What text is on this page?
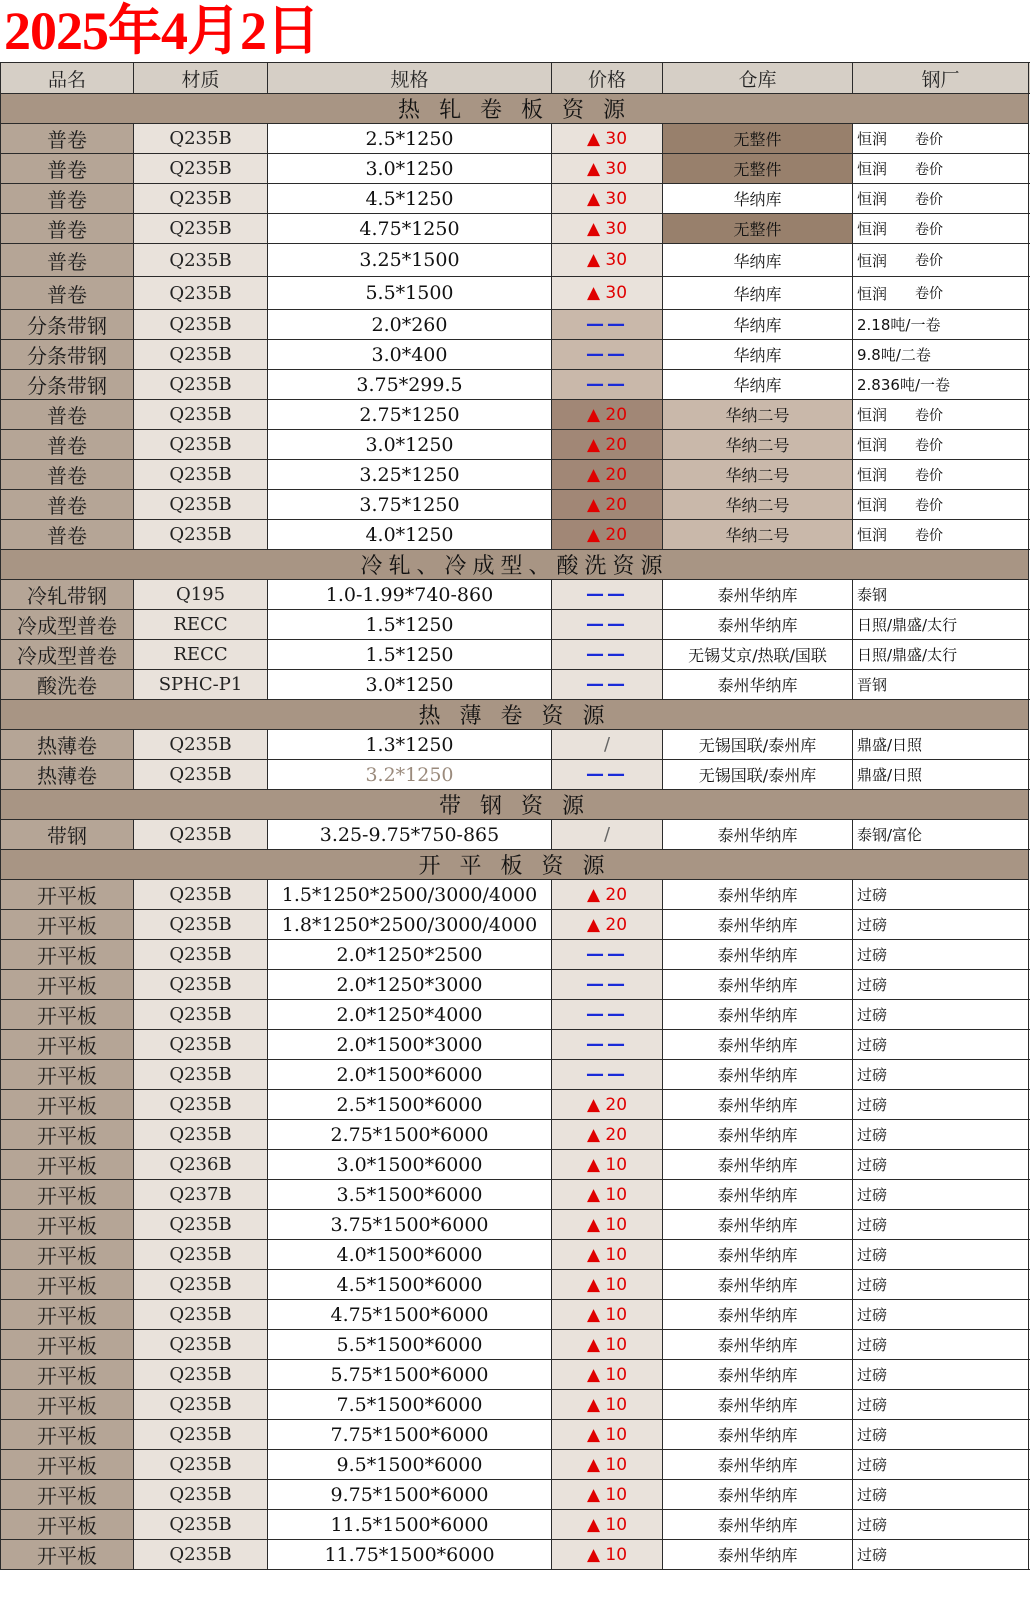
2025年4月2日
品名	材质	规格	价格	仓库	钢厂
热 轧 卷 板 资 源
普卷	Q235B	2.5*1250	▲ 30	无整件	恒润 卷价
普卷	Q235B	3.0*1250	▲ 30	无整件	恒润 卷价
普卷	Q235B	4.5*1250	▲ 30	华纳库	恒润 卷价
普卷	Q235B	4.75*1250	▲ 30	无整件	恒润 卷价
普卷	Q235B	3.25*1500	▲ 30	华纳库	恒润 卷价
普卷	Q235B	5.5*1500	▲ 30	华纳库	恒润 卷价
分条带钢	Q235B	2.0*260	——	华纳库	2.18吨/一卷
分条带钢	Q235B	3.0*400	——	华纳库	9.8吨/二卷
分条带钢	Q235B	3.75*299.5	——	华纳库	2.836吨/一卷
普卷	Q235B	2.75*1250	▲ 20	华纳二号	恒润 卷价
普卷	Q235B	3.0*1250	▲ 20	华纳二号	恒润 卷价
普卷	Q235B	3.25*1250	▲ 20	华纳二号	恒润 卷价
普卷	Q235B	3.75*1250	▲ 20	华纳二号	恒润 卷价
普卷	Q235B	4.0*1250	▲ 20	华纳二号	恒润 卷价
冷轧、冷成型、酸洗资源
冷轧带钢	Q195	1.0-1.99*740-860	——	泰州华纳库	泰钢
冷成型普卷	RECC	1.5*1250	——	泰州华纳库	日照/鼎盛/太行
冷成型普卷	RECC	1.5*1250	——	无锡艾京/热联/国联	日照/鼎盛/太行
酸洗卷	SPHC-P1	3.0*1250	——	泰州华纳库	晋钢
热 薄 卷 资 源
热薄卷	Q235B	1.3*1250	/	无锡国联/泰州库	鼎盛/日照
热薄卷	Q235B	3.2*1250	——	无锡国联/泰州库	鼎盛/日照
带 钢 资 源
带钢	Q235B	3.25-9.75*750-865	/	泰州华纳库	泰钢/富伦
开 平 板 资 源
开平板	Q235B	1.5*1250*2500/3000/4000	▲ 20	泰州华纳库	过磅
开平板	Q235B	1.8*1250*2500/3000/4000	▲ 20	泰州华纳库	过磅
开平板	Q235B	2.0*1250*2500	——	泰州华纳库	过磅
开平板	Q235B	2.0*1250*3000	——	泰州华纳库	过磅
开平板	Q235B	2.0*1250*4000	——	泰州华纳库	过磅
开平板	Q235B	2.0*1500*3000	——	泰州华纳库	过磅
开平板	Q235B	2.0*1500*6000	——	泰州华纳库	过磅
开平板	Q235B	2.5*1500*6000	▲ 20	泰州华纳库	过磅
开平板	Q235B	2.75*1500*6000	▲ 20	泰州华纳库	过磅
开平板	Q236B	3.0*1500*6000	▲ 10	泰州华纳库	过磅
开平板	Q237B	3.5*1500*6000	▲ 10	泰州华纳库	过磅
开平板	Q235B	3.75*1500*6000	▲ 10	泰州华纳库	过磅
开平板	Q235B	4.0*1500*6000	▲ 10	泰州华纳库	过磅
开平板	Q235B	4.5*1500*6000	▲ 10	泰州华纳库	过磅
开平板	Q235B	4.75*1500*6000	▲ 10	泰州华纳库	过磅
开平板	Q235B	5.5*1500*6000	▲ 10	泰州华纳库	过磅
开平板	Q235B	5.75*1500*6000	▲ 10	泰州华纳库	过磅
开平板	Q235B	7.5*1500*6000	▲ 10	泰州华纳库	过磅
开平板	Q235B	7.75*1500*6000	▲ 10	泰州华纳库	过磅
开平板	Q235B	9.5*1500*6000	▲ 10	泰州华纳库	过磅
开平板	Q235B	9.75*1500*6000	▲ 10	泰州华纳库	过磅
开平板	Q235B	11.5*1500*6000	▲ 10	泰州华纳库	过磅
开平板	Q235B	11.75*1500*6000	▲ 10	泰州华纳库	过磅
